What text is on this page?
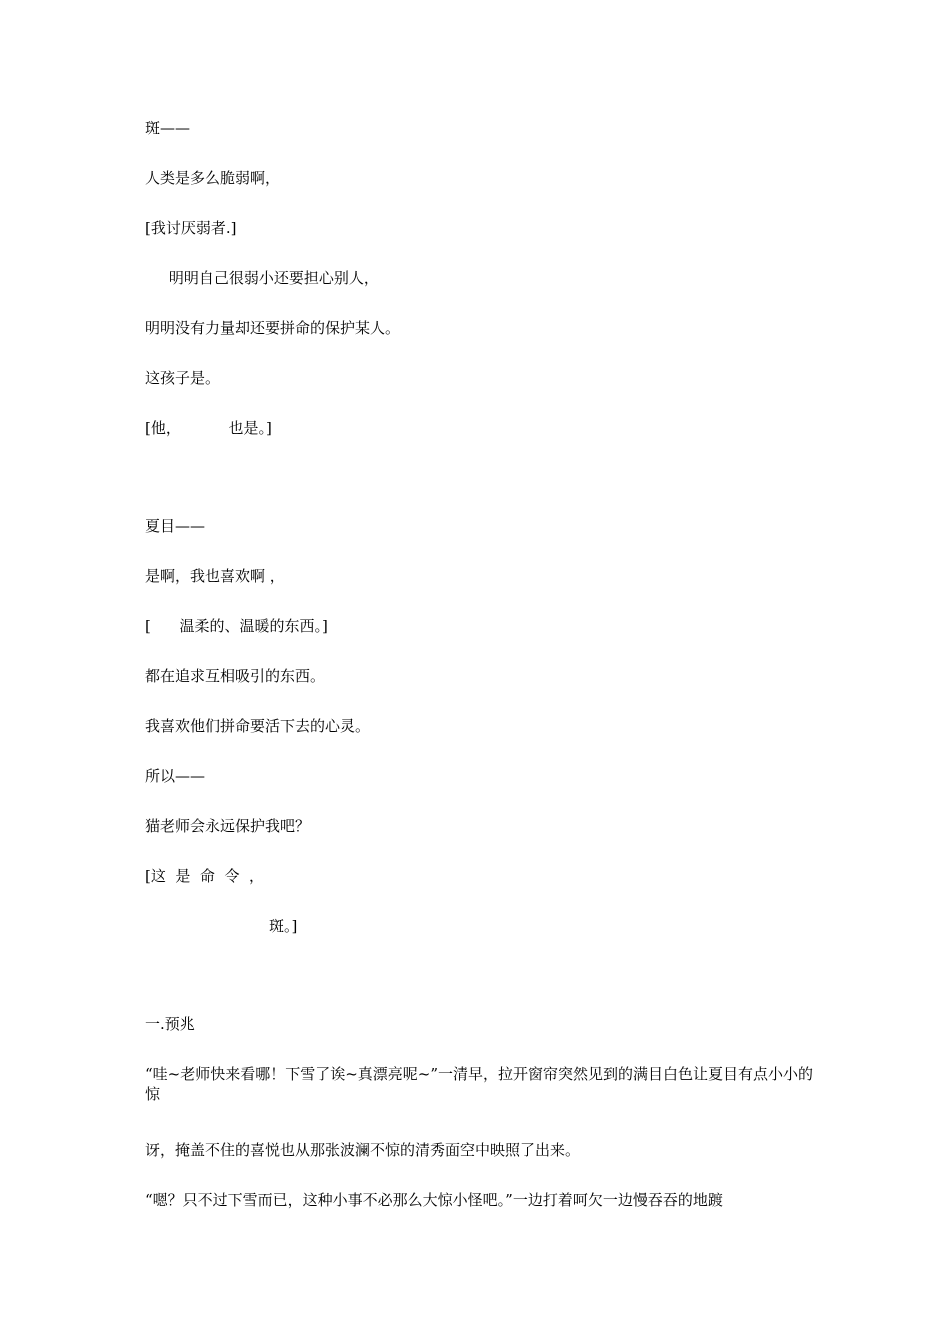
斑——

人类是多么脆弱啊，

[我讨厌弱者.]

明明自己很弱小还要担心别人，

明明没有力量却还要拼命的保护某人。

这孩子是。

[他，          也是。]

夏目——

是啊，我也喜欢啊 ，

[      温柔的、温暖的东西。]

都在追求互相吸引的东西。

我喜欢他们拼命要活下去的心灵。

所以——

猫老师会永远保护我吧？

[这  是  命  令  ，

斑。]

一.预兆

“哇~老师快来看哪！下雪了诶~真漂亮呢~”一清早，拉开窗帘突然见到的满目白色让夏目有点小小的惊

讶，掩盖不住的喜悦也从那张波澜不惊的清秀面空中映照了出来。

“嗯？只不过下雪而已，这种小事不必那么大惊小怪吧。”一边打着呵欠一边慢吞吞的地踱
